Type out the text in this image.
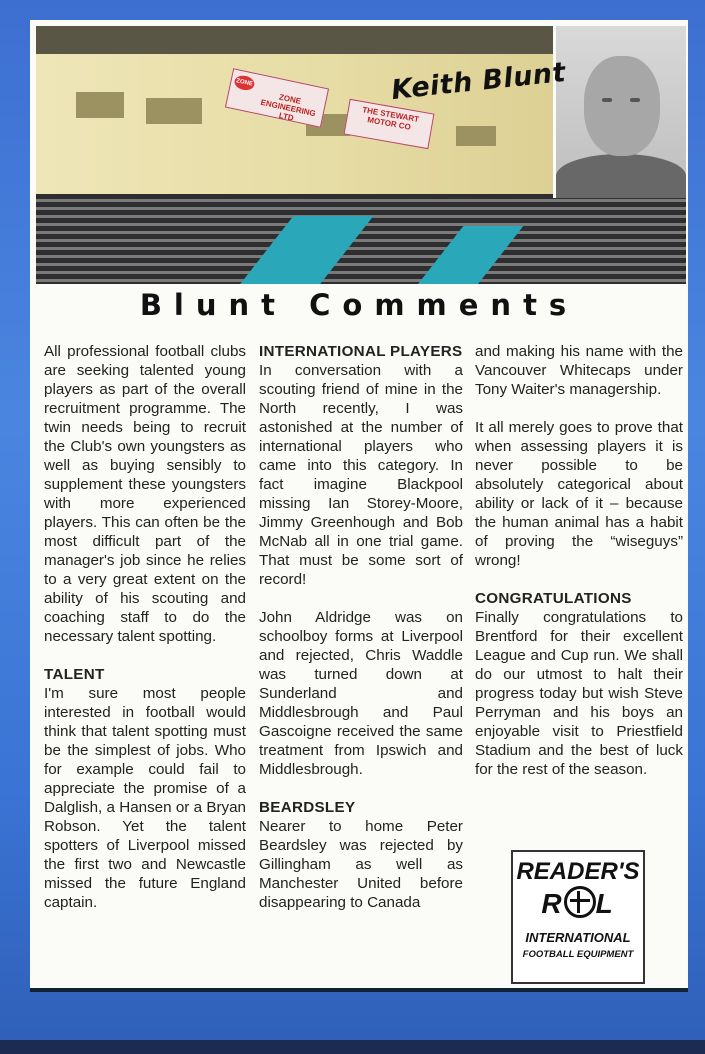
ZONE
ZONE ENGINEERING LTD	THE STEWART MOTOR CO
Keith Blunt
Blunt Comments

All professional football clubs are seeking talented young players as part of the overall recruitment programme. The twin needs being to recruit the Club's own youngsters as well as buying sensibly to supplement these youngsters with more experienced players. This can often be the most difficult part of the manager's job since he relies to a very great extent on the ability of his scouting and coaching staff to do the necessary talent spotting.

TALENT

I'm sure most people interested in football would think that talent spotting must be the simplest of jobs. Who for example could fail to appreciate the promise of a Dalglish, a Hansen or a Bryan Robson. Yet the talent spotters of Liverpool missed the first two and Newcastle missed the future England captain.

INTERNATIONAL PLAYERS

In conversation with a scouting friend of mine in the North recently, I was astonished at the number of international players who came into this category. In fact imagine Blackpool missing Ian Storey-Moore, Jimmy Greenhough and Bob McNab all in one trial game. That must be some sort of record!

John Aldridge was on schoolboy forms at Liverpool and rejected, Chris Waddle was turned down at Sunderland and Middlesbrough and Paul Gascoigne received the same treatment from Ipswich and Middlesbrough.

BEARDSLEY

Nearer to home Peter Beardsley was rejected by Gillingham as well as Manchester United before disappearing to Canada

and making his name with the Vancouver Whitecaps under Tony Waiter's managership.

It all merely goes to prove that when assessing players it is never possible to be absolutely categorical about ability or lack of it – because the human animal has a habit of proving the “wiseguys” wrong!

CONGRATULATIONS

Finally congratulations to Brentford for their excellent League and Cup run. We shall do our utmost to halt their progress today but wish Steve Perryman and his boys an enjoyable visit to Priestfield Stadium and the best of luck for the rest of the season.

READER'S
R L
INTERNATIONAL
FOOTBALL EQUIPMENT
